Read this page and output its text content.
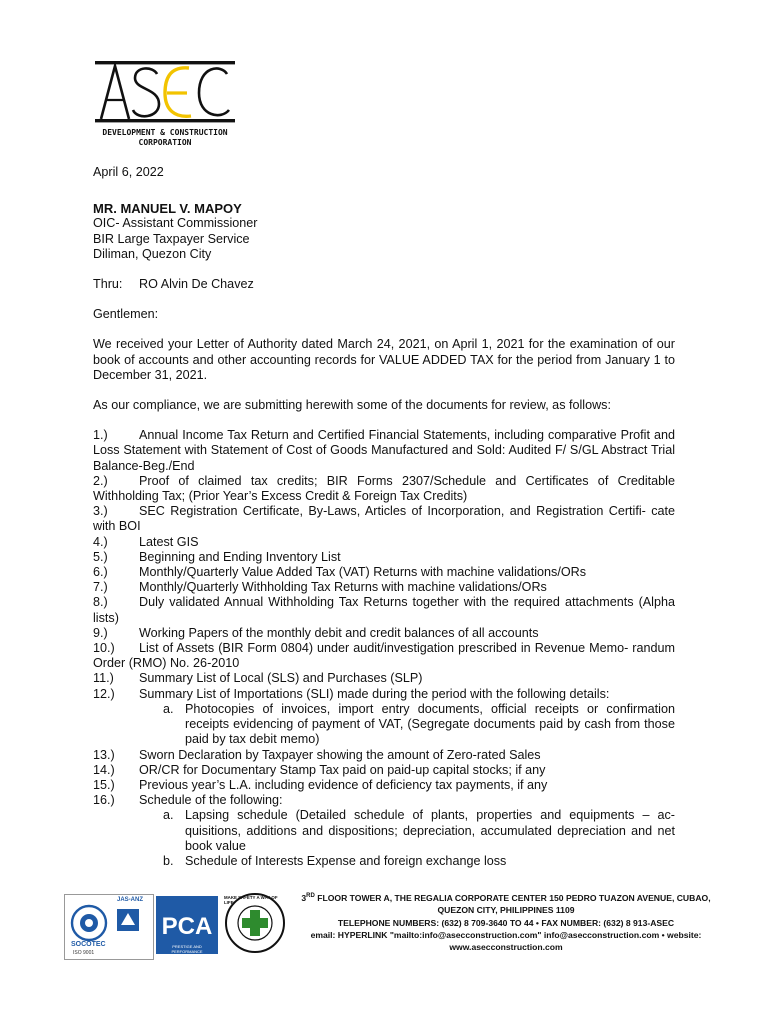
DEVELOPMENT & CONSTRUCTION
CORPORATION
April 6, 2022
MR. MANUEL V. MAPOY
OIC- Assistant Commissioner
BIR Large Taxpayer Service
Diliman, Quezon City
Thru: RO Alvin De Chavez
Gentlemen:
We received your Letter of Authority dated March 24, 2021, on April 1, 2021 for the examination of our book of accounts and other accounting records for VALUE ADDED TAX for the period from January 1 to December 31, 2021.
As our compliance, we are submitting herewith some of the documents for review, as follows:
1.) Annual Income Tax Return and Certified Financial Statements, including comparative Profit and Loss Statement with Statement of Cost of Goods Manufactured and Sold: Audited F/ S/GL Abstract Trial Balance-Beg./End
2.) Proof of claimed tax credits; BIR Forms 2307/Schedule and Certificates of Creditable Withholding Tax; (Prior Year’s Excess Credit & Foreign Tax Credits)
3.) SEC Registration Certificate, By-Laws, Articles of Incorporation, and Registration Certifi- cate with BOI
4.) Latest GIS
5.) Beginning and Ending Inventory List
6.) Monthly/Quarterly Value Added Tax (VAT) Returns with machine validations/ORs
7.) Monthly/Quarterly Withholding Tax Returns with machine validations/ORs
8.) Duly validated Annual Withholding Tax Returns together with the required attachments (Alpha lists)
9.) Working Papers of the monthly debit and credit balances of all accounts
10.) List of Assets (BIR Form 0804) under audit/investigation prescribed in Revenue Memo- randum Order (RMO) No. 26-2010
11.) Summary List of Local (SLS) and Purchases (SLP)
12.) Summary List of Importations (SLI) made during the period with the following details:
a. Photocopies of invoices, import entry documents, official receipts or confirmation receipts evidencing of payment of VAT, (Segregate documents paid by cash from those paid by tax debit memo)
13.) Sworn Declaration by Taxpayer showing the amount of Zero-rated Sales
14.) OR/CR for Documentary Stamp Tax paid on paid-up capital stocks; if any
15.) Previous year’s L.A. including evidence of deficiency tax payments, if any
16.) Schedule of the following:
a. Lapsing schedule (Detailed schedule of plants, properties and equipments – ac- quisitions, additions and dispositions; depreciation, accumulated depreciation and net book value
b. Schedule of Interests Expense and foreign exchange loss
JAS-ANZ
SOCOTEC
ISO 9001
PCA
PRESTIGE AND PERFORMANCE
MAKE SAFETY A WAY OF LIFE	3RD FLOOR TOWER A, THE REGALIA CORPORATE CENTER 150 PEDRO TUAZON AVENUE, CUBAO,
QUEZON CITY, PHILIPPINES 1109
TELEPHONE NUMBERS: (632) 8 709-3640 TO 44 • FAX NUMBER: (632) 8 913-ASEC
email: HYPERLINK "mailto:info@asecconstruction.com" info@asecconstruction.com • website:
www.asecconstruction.com
